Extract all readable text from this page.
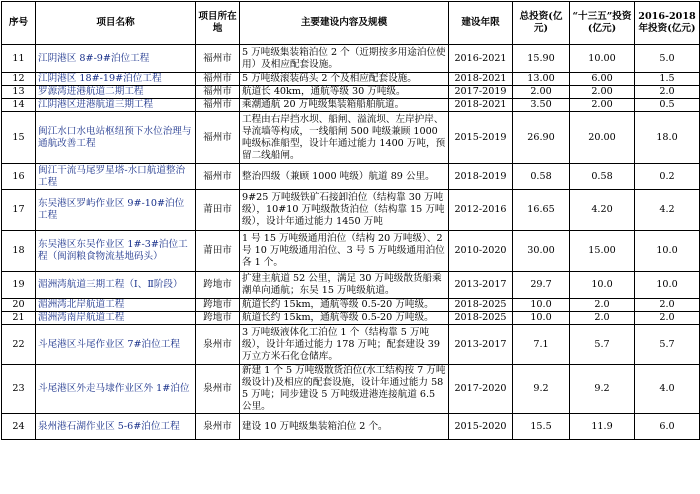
序号	项目名称	项目所在地	主要建设内容及规模	建设年限	总投资(亿元)	“十三五”投资(亿元)	2016-2018年投资(亿元)
11	江阴港区 8#-9#泊位工程	福州市	5 万吨级集装箱泊位 2 个（近期按多用途泊位使用）及相应配套设施。	2016-2021	15.90	10.00	5.0
12	江阴港区 18#-19#泊位工程	福州市	5 万吨级滚装码头 2 个及相应配套设施。	2018-2021	13.00	6.00	1.5
13	罗源湾进港航道二期工程	福州市	航道长 40km，通航等级 30 万吨级。	2017-2019	2.00	2.00	2.0
14	江阴港区进港航道三期工程	福州市	乘潮通航 20 万吨级集装箱船舶航道。	2018-2021	3.50	2.00	0.5
15	闽江水口水电站枢纽预下水位治理与通航改善工程	福州市	工程由右岸挡水坝、船闸、溢流坝、左岸护岸、导流墙等构成，一线船闸 500 吨级兼顾 1000 吨级标准船型，设计年通过能力 1400 万吨，预留二线船闸。	2015-2019	26.90	20.00	18.0
16	闽江干流马尾罗星塔-水口航道整治工程	福州市	整治四级（兼顾 1000 吨级）航道 89 公里。	2018-2019	0.58	0.58	0.2
17	东吴港区罗屿作业区 9#-10#泊位工程	莆田市	9#25 万吨级铁矿石接卸泊位（结构靠 30 万吨级），10#10 万吨级散货泊位（结构靠 15 万吨级），设计年通过能力 1450 万吨	2012-2016	16.65	4.20	4.2
18	东吴港区东吴作业区 1#-3#泊位工程（闽润粮食物流基地码头）	莆田市	1 号 15 万吨级通用泊位（结构 20 万吨级）、2 号 10 万吨级通用泊位、3 号 5 万吨级通用泊位各 1 个。	2010-2020	30.00	15.00	10.0
19	湄洲湾航道三期工程（Ⅰ、Ⅱ阶段）	跨地市	扩建主航道 52 公里，满足 30 万吨级散货船乘潮单向通航；东吴 15 万吨级航道。	2013-2017	29.7	10.0	10.0
20	湄洲湾北岸航道工程	跨地市	航道长约 15km，通航等级 0.5-20 万吨级。	2018-2025	10.0	2.0	2.0
21	湄洲湾南岸航道工程	跨地市	航道长约 15km，通航等级 0.5-20 万吨级。	2018-2025	10.0	2.0	2.0
22	斗尾港区斗尾作业区 7#泊位工程	泉州市	3 万吨级液体化工泊位 1 个（结构靠 5 万吨级），设计年通过能力 178 万吨；配套建设 39 万立方米石化仓储库。	2013-2017	7.1	5.7	5.7
23	斗尾港区外走马埭作业区外 1#泊位	泉州市	新建 1 个 5 万吨级散货泊位(水工结构按 7 万吨级设计)及相应的配套设施，设计年通过能力 585 万吨；同步建设 5 万吨级进港连接航道 6.5 公里。	2017-2020	9.2	9.2	4.0
24	泉州港石湖作业区 5-6#泊位工程	泉州市	建设 10 万吨级集装箱泊位 2 个。	2015-2020	15.5	11.9	6.0
